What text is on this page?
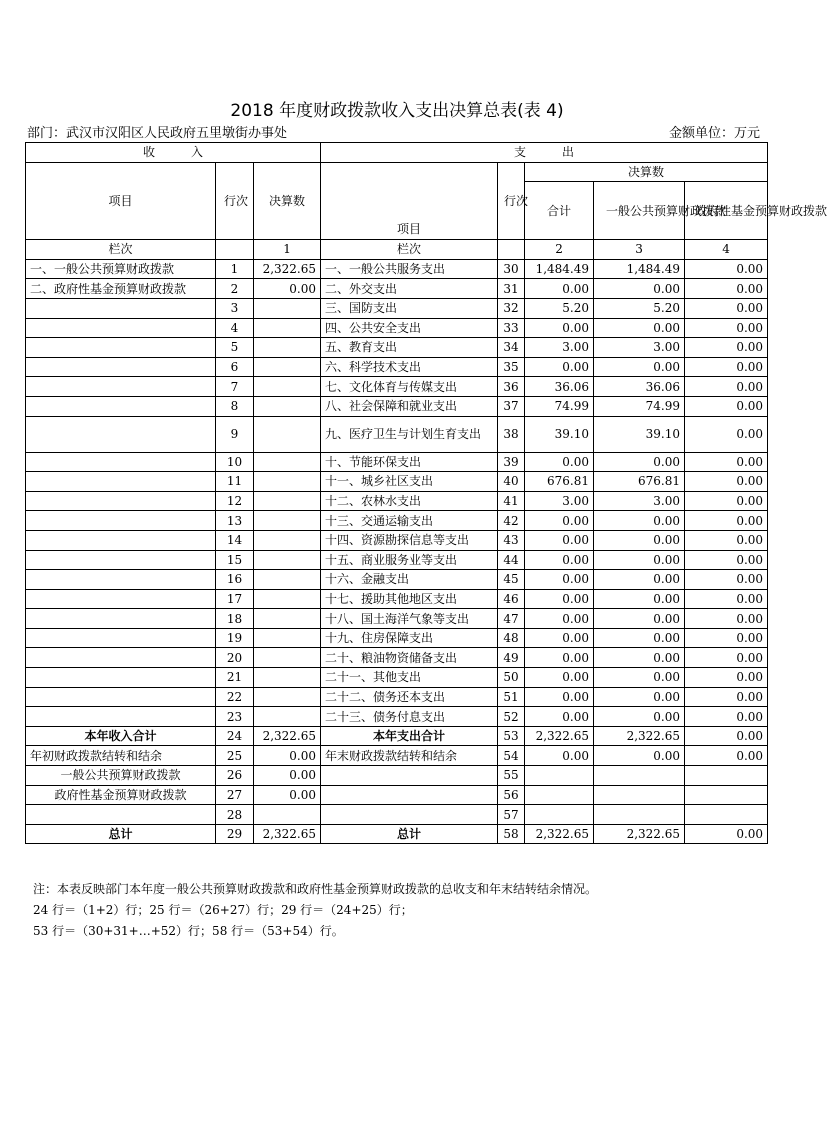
2018 年度财政拨款收入支出决算总表(表 4)
部门：武汉市汉阳区人民政府五里墩街办事处	金额单位：万元
收　　　入			支　　　出				
项目	行次	决算数	项目	行次	决算数		
					合计	一般公共预算财政拨款	政府性基金预算财政拨款
栏次		1	栏次		2	3	4
一、一般公共预算财政拨款	1	2,322.65	一、一般公共服务支出	30	1,484.49	1,484.49	0.00
二、政府性基金预算财政拨款	2	0.00	二、外交支出	31	0.00	0.00	0.00
	3		三、国防支出	32	5.20	5.20	0.00
	4		四、公共安全支出	33	0.00	0.00	0.00
	5		五、教育支出	34	3.00	3.00	0.00
	6		六、科学技术支出	35	0.00	0.00	0.00
	7		七、文化体育与传媒支出	36	36.06	36.06	0.00
	8		八、社会保障和就业支出	37	74.99	74.99	0.00
	9		九、医疗卫生与计划生育支出	38	39.10	39.10	0.00
	10		十、节能环保支出	39	0.00	0.00	0.00
	11		十一、城乡社区支出	40	676.81	676.81	0.00
	12		十二、农林水支出	41	3.00	3.00	0.00
	13		十三、交通运输支出	42	0.00	0.00	0.00
	14		十四、资源勘探信息等支出	43	0.00	0.00	0.00
	15		十五、商业服务业等支出	44	0.00	0.00	0.00
	16		十六、金融支出	45	0.00	0.00	0.00
	17		十七、援助其他地区支出	46	0.00	0.00	0.00
	18		十八、国土海洋气象等支出	47	0.00	0.00	0.00
	19		十九、住房保障支出	48	0.00	0.00	0.00
	20		二十、粮油物资储备支出	49	0.00	0.00	0.00
	21		二十一、其他支出	50	0.00	0.00	0.00
	22		二十二、债务还本支出	51	0.00	0.00	0.00
	23		二十三、债务付息支出	52	0.00	0.00	0.00
本年收入合计	24	2,322.65	本年支出合计	53	2,322.65	2,322.65	0.00
年初财政拨款结转和结余	25	0.00	年末财政拨款结转和结余	54	0.00	0.00	0.00
一般公共预算财政拨款	26	0.00		55			
政府性基金预算财政拨款	27	0.00		56			
	28			57			
总计	29	2,322.65	总计	58	2,322.65	2,322.65	0.00
注：本表反映部门本年度一般公共预算财政拨款和政府性基金预算财政拨款的总收支和年末结转结余情况。
24 行＝（1+2）行；25 行＝（26+27）行；29 行＝（24+25）行；
53 行＝（30+31+…+52）行；58 行＝（53+54）行。
